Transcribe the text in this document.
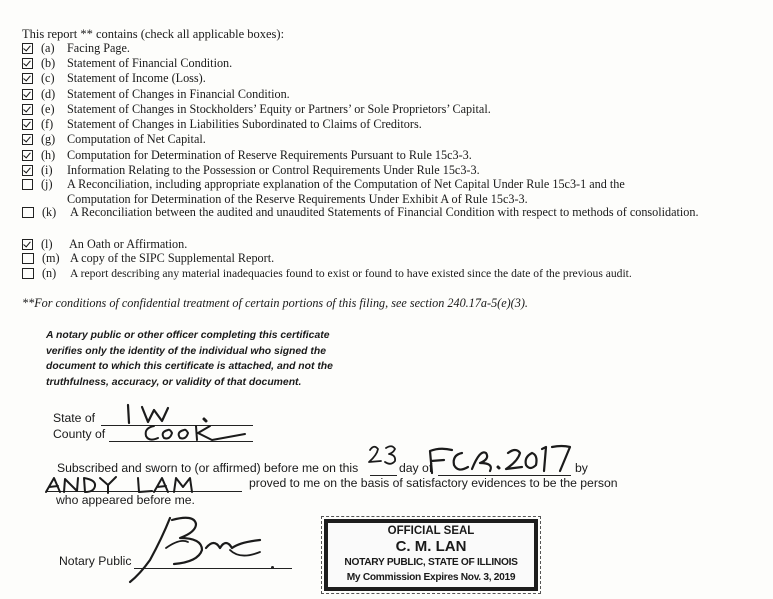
This report ** contains (check all applicable boxes):
(a)	Facing Page.
(b) Statement of Financial Condition.
(c)	Statement of Income (Loss).
(d) Statement of Changes in Financial Condition.
(e)	Statement of Changes in Stockholders’ Equity or Partners’ or Sole Proprietors’ Capital.
(f)	Statement of Changes in Liabilities Subordinated to Claims of Creditors.
(g) Computation of Net Capital.
(h) Computation for Determination of Reserve Requirements Pursuant to Rule 15c3-3.
(i)	Information Relating to the Possession or Control Requirements Under Rule 15c3-3.
(j)	A Reconciliation, including appropriate explanation of the Computation of Net Capital Under Rule 15c3-1 and the Computation for Determination of the Reserve Requirements Under Exhibit A of Rule 15c3-3.
(k)	A Reconciliation between the audited and unaudited Statements of Financial Condition with respect to methods of consolidation.
(l)	An Oath or Affirmation.
(m) A copy of the SIPC Supplemental Report.
(n)	A report describing any material inadequacies found to exist or found to have existed since the date of the previous audit.
**For conditions of confidential treatment of certain portions of this filing, see section 240.17a-5(e)(3).
A notary public or other officer completing this certificate
verifies only the identity of the individual who signed the
document to which this certificate is attached, and not the
truthfulness, accuracy, or validity of that document.
State of
County of
Subscribed and sworn to (or affirmed) before me on this	day of	by
proved to me on the basis of satisfactory evidences to be the person
who appeared before me.
Notary Public
OFFICIAL SEAL
C. M. LAN
NOTARY PUBLIC, STATE OF ILLINOIS
My Commission Expires Nov. 3, 2019
